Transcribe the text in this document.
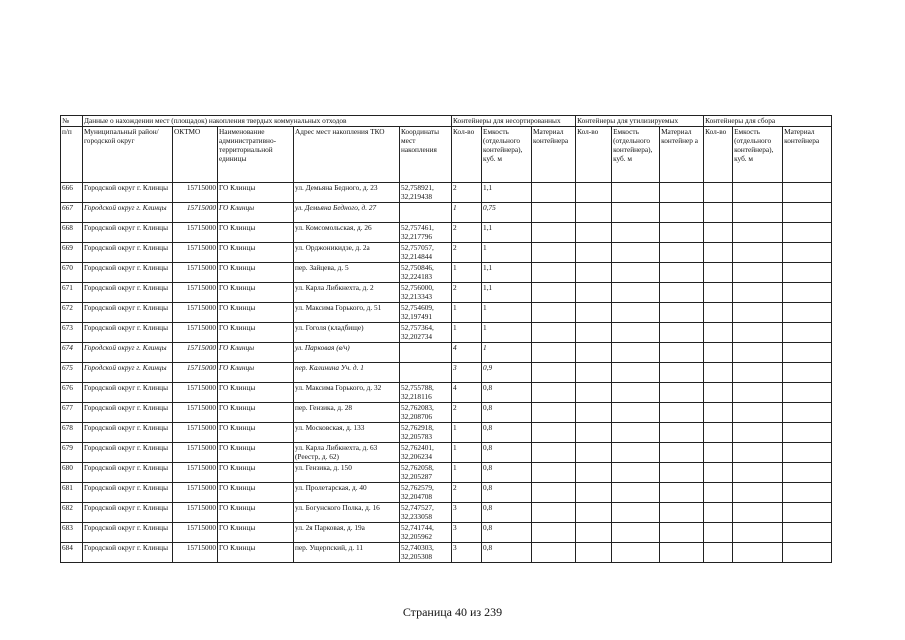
№	Данные о нахождении мест (площадок) накопления твердых коммунальных отходов					Контейнеры для несортированных			Контейнеры для утилизируемых			Контейнеры для сбора		
п/п	Муниципальный район/городской округ	ОКТМО	Наименование административно-территориальной единицы	Адрес мест накопления ТКО	Координаты мест накопления	Кол-во	Емкость (отдельного контейнера), куб. м	Материал контейнера	Кол-во	Емкость (отдельного контейнера), куб. м	Материал контейнер а	Кол-во	Емкость (отдельного контейнера), куб. м	Материал контейнера
666	Городской округ г. Клинцы	15715000	ГО Клинцы	ул. Демьяна Бедного, д. 23	52,758921, 32,219438	2	1,1							
667	Городской округ г. Клинцы	15715000	ГО Клинцы	ул. Демьяна Бедного, д. 27		1	0,75							
668	Городской округ г. Клинцы	15715000	ГО Клинцы	ул. Комсомольская, д. 26	52,757461, 32,217796	2	1,1							
669	Городской округ г. Клинцы	15715000	ГО Клинцы	ул. Орджоникидзе, д. 2а	52,757057, 32,214844	2	1							
670	Городской округ г. Клинцы	15715000	ГО Клинцы	пер. Зайцева, д. 5	52,750846, 32,224183	1	1,1							
671	Городской округ г. Клинцы	15715000	ГО Клинцы	ул. Карла Либкнехта, д. 2	52,756000, 32,213343	2	1,1							
672	Городской округ г. Клинцы	15715000	ГО Клинцы	ул. Максима Горького, д. 51	52,754609, 32,197491	1	1							
673	Городской округ г. Клинцы	15715000	ГО Клинцы	ул. Гоголя (кладбище)	52,757364, 32,202734	1	1							
674	Городской округ г. Клинцы	15715000	ГО Клинцы	ул. Парковая (в/ч)		4	1							
675	Городской округ г. Клинцы	15715000	ГО Клинцы	пер. Калинина Уч. д. 1		3	0,9							
676	Городской округ г. Клинцы	15715000	ГО Клинцы	ул. Максима Горького, д. 32	52,755788, 32,218116	4	0,8							
677	Городской округ г. Клинцы	15715000	ГО Клинцы	пер. Гензика, д. 28	52,762083, 32,208706	2	0,8							
678	Городской округ г. Клинцы	15715000	ГО Клинцы	ул. Московская, д. 133	52,762918, 32,205783	1	0,8							
679	Городской округ г. Клинцы	15715000	ГО Клинцы	ул. Карла Либкнехта, д. 63 (Реестр, д. 62)	52,762401, 32,206234	1	0,8							
680	Городской округ г. Клинцы	15715000	ГО Клинцы	ул. Гензика, д. 150	52,762058, 32,205287	1	0,8							
681	Городской округ г. Клинцы	15715000	ГО Клинцы	ул. Пролетарская, д. 40	52,762579, 32,204708	2	0,8							
682	Городской округ г. Клинцы	15715000	ГО Клинцы	ул. Богунского Полка, д. 16	52,747527, 32,233058	3	0,8							
683	Городской округ г. Клинцы	15715000	ГО Клинцы	ул. 2я Парковая, д. 19а	52,741744, 32,205962	3	0,8							
684	Городской округ г. Клинцы	15715000	ГО Клинцы	пер. Ущерпский, д. 11	52,740303, 32,205308	3	0,8							
Страница 40 из 239
